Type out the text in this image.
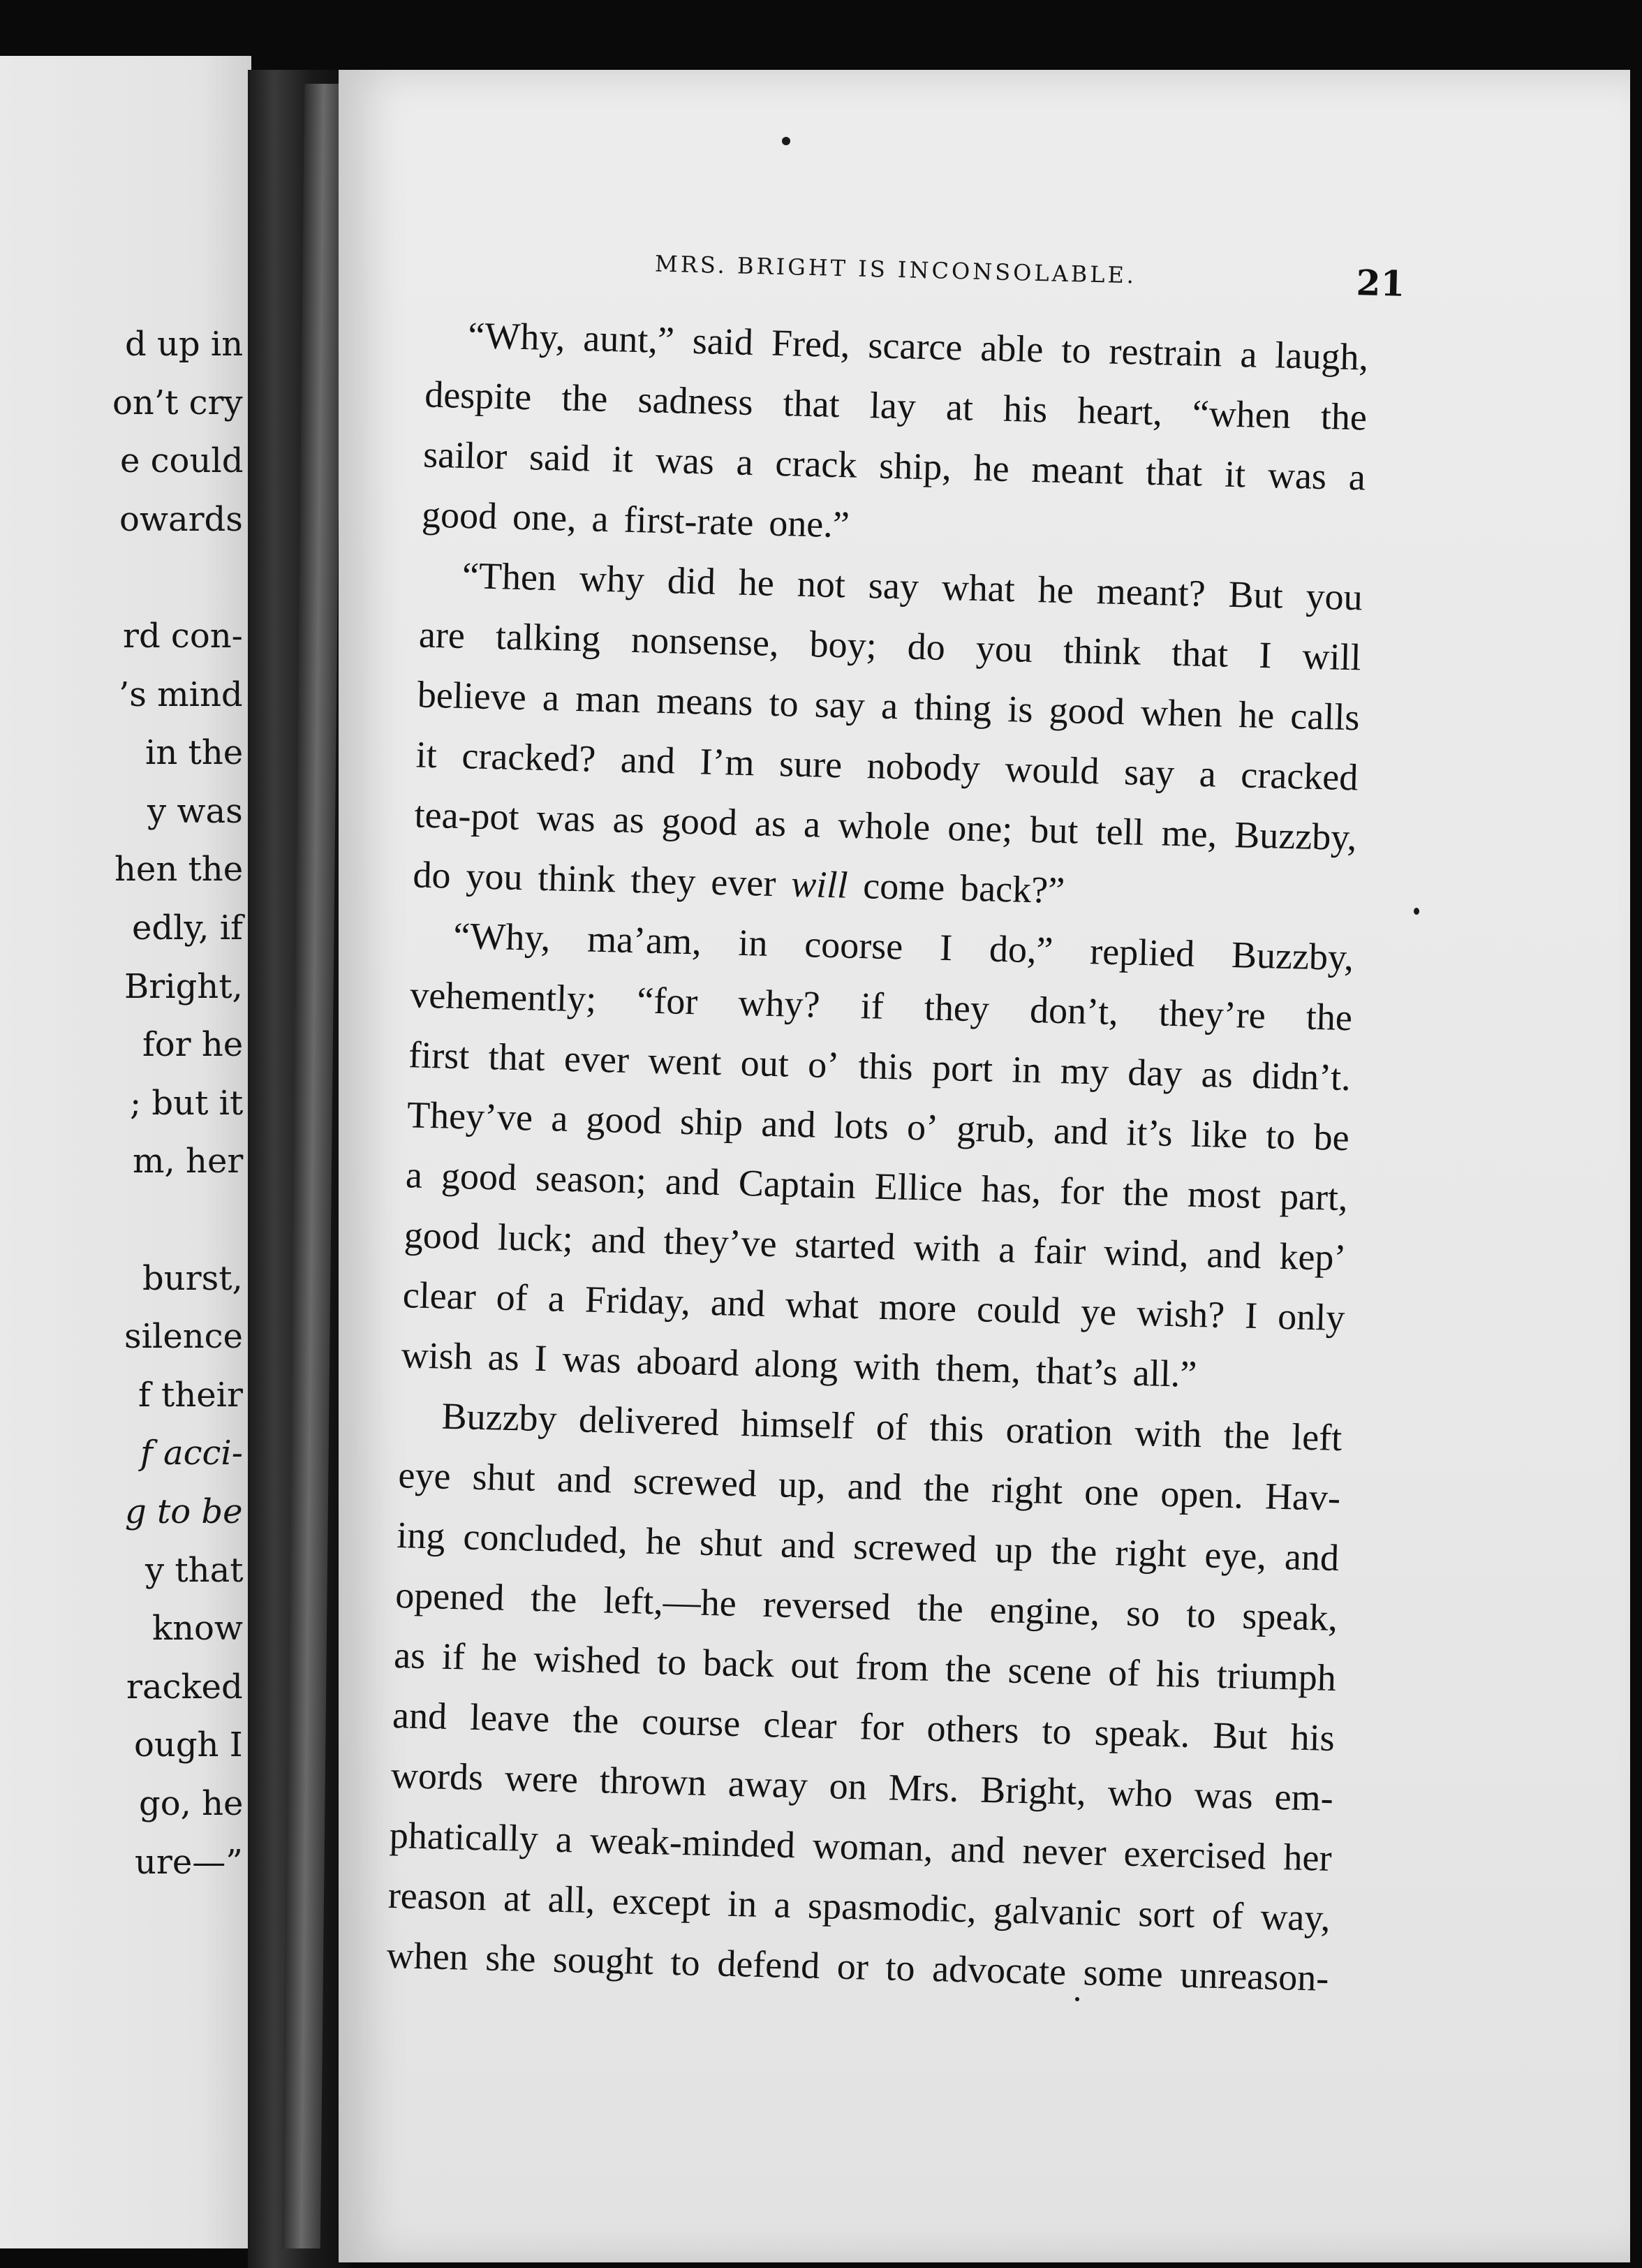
d up in
on’t cry
e could
owards
rd con-
’s mind
in the
y was
hen the
edly, if
Bright,
for he
; but it
m, her
burst,
silence
f their
f acci-
g to be
y that
know
racked
ough I
go, he
ure—”
MRS. BRIGHT IS INCONSOLABLE.	21
“Why, aunt,” said Fred, scarce able to restrain a laugh,
despite the sadness that lay at his heart, “when the
sailor said it was a crack ship, he meant that it was a
good one, a first-rate one.”
“Then why did he not say what he meant? But you
are talking nonsense, boy; do you think that I will
believe a man means to say a thing is good when he calls
it cracked? and I’m sure nobody would say a cracked
tea-pot was as good as a whole one; but tell me, Buzzby,
do you think they ever will come back?”
“Why, ma’am, in coorse I do,” replied Buzzby,
vehemently; “for why? if they don’t, they’re the
first that ever went out o’ this port in my day as didn’t.
They’ve a good ship and lots o’ grub, and it’s like to be
a good season; and Captain Ellice has, for the most part,
good luck; and they’ve started with a fair wind, and kep’
clear of a Friday, and what more could ye wish? I only
wish as I was aboard along with them, that’s all.”
Buzzby delivered himself of this oration with the left
eye shut and screwed up, and the right one open. Hav-
ing concluded, he shut and screwed up the right eye, and
opened the left,—he reversed the engine, so to speak,
as if he wished to back out from the scene of his triumph
and leave the course clear for others to speak. But his
words were thrown away on Mrs. Bright, who was em-
phatically a weak-minded woman, and never exercised her
reason at all, except in a spasmodic, galvanic sort of way,
when she sought to defend or to advocate some unreason-
